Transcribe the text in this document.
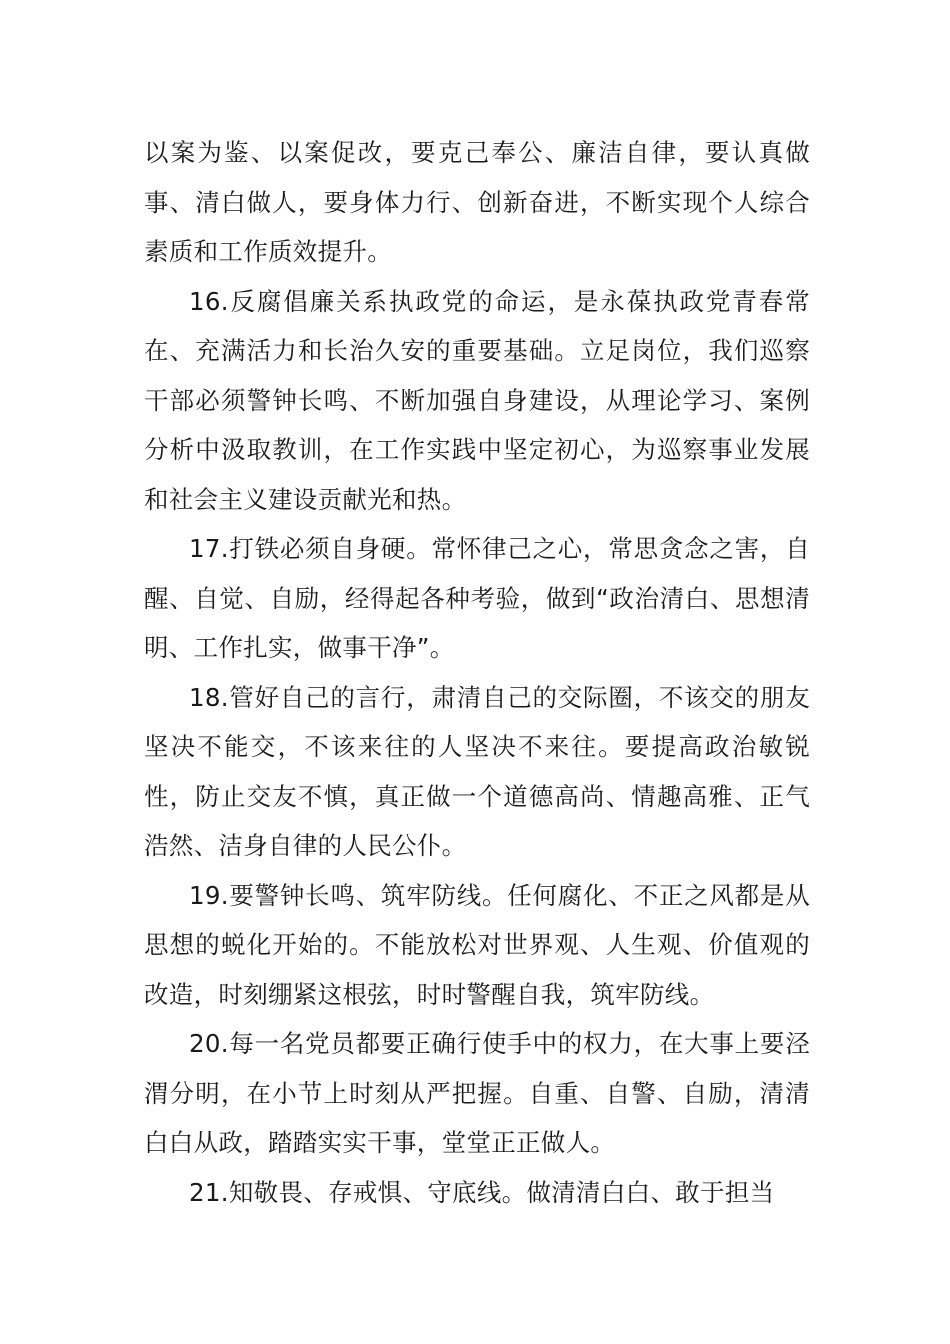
以案为鉴、以案促改，要克己奉公、廉洁自律，要认真做事、清白做人，要身体力行、创新奋进，不断实现个人综合素质和工作质效提升。

16.反腐倡廉关系执政党的命运，是永葆执政党青春常在、充满活力和长治久安的重要基础。立足岗位，我们巡察干部必须警钟长鸣、不断加强自身建设，从理论学习、案例分析中汲取教训，在工作实践中坚定初心，为巡察事业发展和社会主义建设贡献光和热。

17.打铁必须自身硬。常怀律己之心，常思贪念之害，自醒、自觉、自励，经得起各种考验，做到“政治清白、思想清明、工作扎实，做事干净”。

18.管好自己的言行，肃清自己的交际圈，不该交的朋友坚决不能交，不该来往的人坚决不来往。要提高政治敏锐性，防止交友不慎，真正做一个道德高尚、情趣高雅、正气浩然、洁身自律的人民公仆。

19.要警钟长鸣、筑牢防线。任何腐化、不正之风都是从思想的蜕化开始的。不能放松对世界观、人生观、价值观的改造，时刻绷紧这根弦，时时警醒自我，筑牢防线。

20.每一名党员都要正确行使手中的权力，在大事上要泾渭分明，在小节上时刻从严把握。自重、自警、自励，清清白白从政，踏踏实实干事，堂堂正正做人。

21.知敬畏、存戒惧、守底线。做清清白白、敢于担当
